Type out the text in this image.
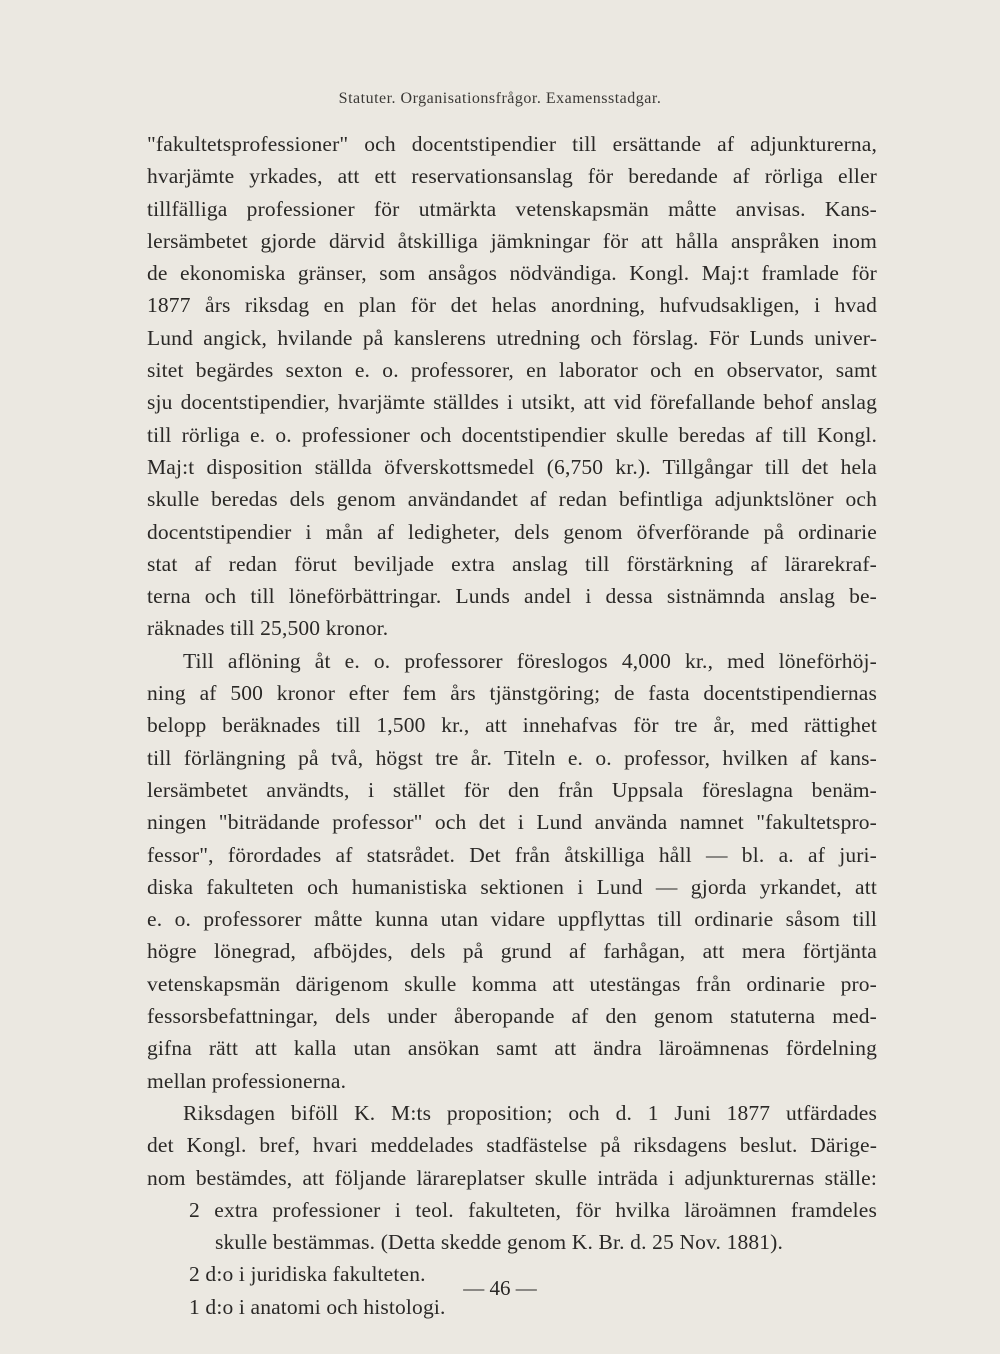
Statuter. Organisationsfrågor. Examensstadgar.
"fakultetsprofessioner" och docentstipendier till ersättande af adjunkturerna,
hvarjämte yrkades, att ett reservationsanslag för beredande af rörliga eller
tillfälliga professioner för utmärkta vetenskapsmän måtte anvisas. Kans-
lersämbetet gjorde därvid åtskilliga jämkningar för att hålla anspråken inom
de ekonomiska gränser, som ansågos nödvändiga. Kongl. Maj:t framlade för
1877 års riksdag en plan för det helas anordning, hufvudsakligen, i hvad
Lund angick, hvilande på kanslerens utredning och förslag. För Lunds univer-
sitet begärdes sexton e. o. professorer, en laborator och en observator, samt
sju docentstipendier, hvarjämte ställdes i utsikt, att vid förefallande behof anslag
till rörliga e. o. professioner och docentstipendier skulle beredas af till Kongl.
Maj:t disposition ställda öfverskottsmedel (6,750 kr.). Tillgångar till det hela
skulle beredas dels genom användandet af redan befintliga adjunktslöner och
docentstipendier i mån af ledigheter, dels genom öfverförande på ordinarie
stat af redan förut beviljade extra anslag till förstärkning af lärarekraf-
terna och till löneförbättringar. Lunds andel i dessa sistnämnda anslag be-
räknades till 25,500 kronor.
Till aflöning åt e. o. professorer föreslogos 4,000 kr., med löneförhöj-
ning af 500 kronor efter fem års tjänstgöring; de fasta docentstipendiernas
belopp beräknades till 1,500 kr., att innehafvas för tre år, med rättighet
till förlängning på två, högst tre år. Titeln e. o. professor, hvilken af kans-
lersämbetet användts, i stället för den från Uppsala föreslagna benäm-
ningen "biträdande professor" och det i Lund använda namnet "fakultetspro-
fessor", förordades af statsrådet. Det från åtskilliga håll — bl. a. af juri-
diska fakulteten och humanistiska sektionen i Lund — gjorda yrkandet, att
e. o. professorer måtte kunna utan vidare uppflyttas till ordinarie såsom till
högre lönegrad, afböjdes, dels på grund af farhågan, att mera förtjänta
vetenskapsmän därigenom skulle komma att utestängas från ordinarie pro-
fessorsbefattningar, dels under åberopande af den genom statuterna med-
gifna rätt att kalla utan ansökan samt att ändra läroämnenas fördelning
mellan professionerna.
Riksdagen biföll K. M:ts proposition; och d. 1 Juni 1877 utfärdades
det Kongl. bref, hvari meddelades stadfästelse på riksdagens beslut. Därige-
nom bestämdes, att följande lärareplatser skulle inträda i adjunkturernas ställe:
2 extra professioner i teol. fakulteten, för hvilka läroämnen framdeles
skulle bestämmas. (Detta skedde genom K. Br. d. 25 Nov. 1881).
2 d:o i juridiska fakulteten.
1 d:o i anatomi och histologi.
— 46 —
